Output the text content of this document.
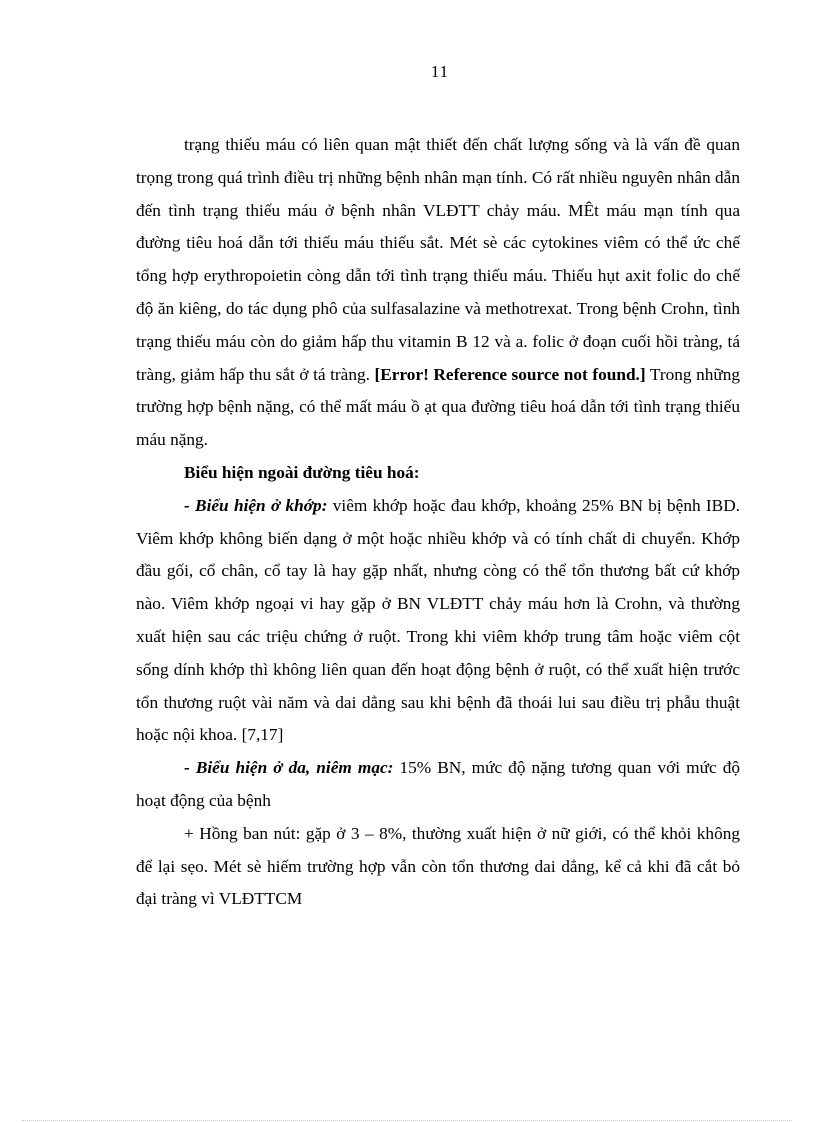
11

trạng thiếu máu có liên quan mật thiết đến chất lượng sống và là vấn đề quan trọng trong quá trình điều trị những bệnh nhân mạn tính. Có rất nhiều nguyên nhân dẫn đến tình trạng thiếu máu ở bệnh nhân VLĐTT chảy máu. MÊt máu mạn tính qua đường tiêu hoá dẫn tới thiếu máu thiếu sắt. Mét sè các cytokines viêm có thể ức chế tổng hợp erythropoietin còng dẫn tới tình trạng thiếu máu. Thiếu hụt axit folic do chế độ ăn kiêng, do tác dụng phô của sulfasalazine và methotrexat. Trong bệnh Crohn, tình trạng thiếu máu còn do giảm hấp thu vitamin B 12 và a. folic ở đoạn cuối hồi tràng, tá tràng, giảm hấp thu sắt ở tá tràng. [Error! Reference source not found.] Trong những trường hợp bệnh nặng, có thể mất máu ồ ạt qua đường tiêu hoá dẫn tới tình trạng thiếu máu nặng.

Biểu hiện ngoài đường tiêu hoá:

- Biểu hiện ở khớp: viêm khớp hoặc đau khớp, khoảng 25% BN bị bệnh IBD. Viêm khớp không biến dạng ở một hoặc nhiều khớp và có tính chất di chuyển. Khớp đầu gối, cổ chân, cổ tay là hay gặp nhất, nhưng còng có thể tổn thương bất cứ khớp nào. Viêm khớp ngoại vi hay gặp ở BN VLĐTT chảy máu hơn là Crohn, và thường xuất hiện sau các triệu chứng ở ruột. Trong khi viêm khớp trung tâm hoặc viêm cột sống dính khớp thì không liên quan đến hoạt động bệnh ở ruột, có thể xuất hiện trước tổn thương ruột vài năm và dai dẳng sau khi bệnh đã thoái lui sau điều trị phẫu thuật hoặc nội khoa. [7,17]

- Biểu hiện ở da, niêm mạc: 15% BN, mức độ nặng tương quan với mức độ hoạt động của bệnh

+ Hồng ban nút: gặp ở 3 – 8%, thường xuất hiện ở nữ giới, có thể khỏi không để lại sẹo. Mét sè hiếm trường hợp vẫn còn tổn thương dai dẳng, kể cả khi đã cắt bỏ đại tràng vì VLĐTTCM
